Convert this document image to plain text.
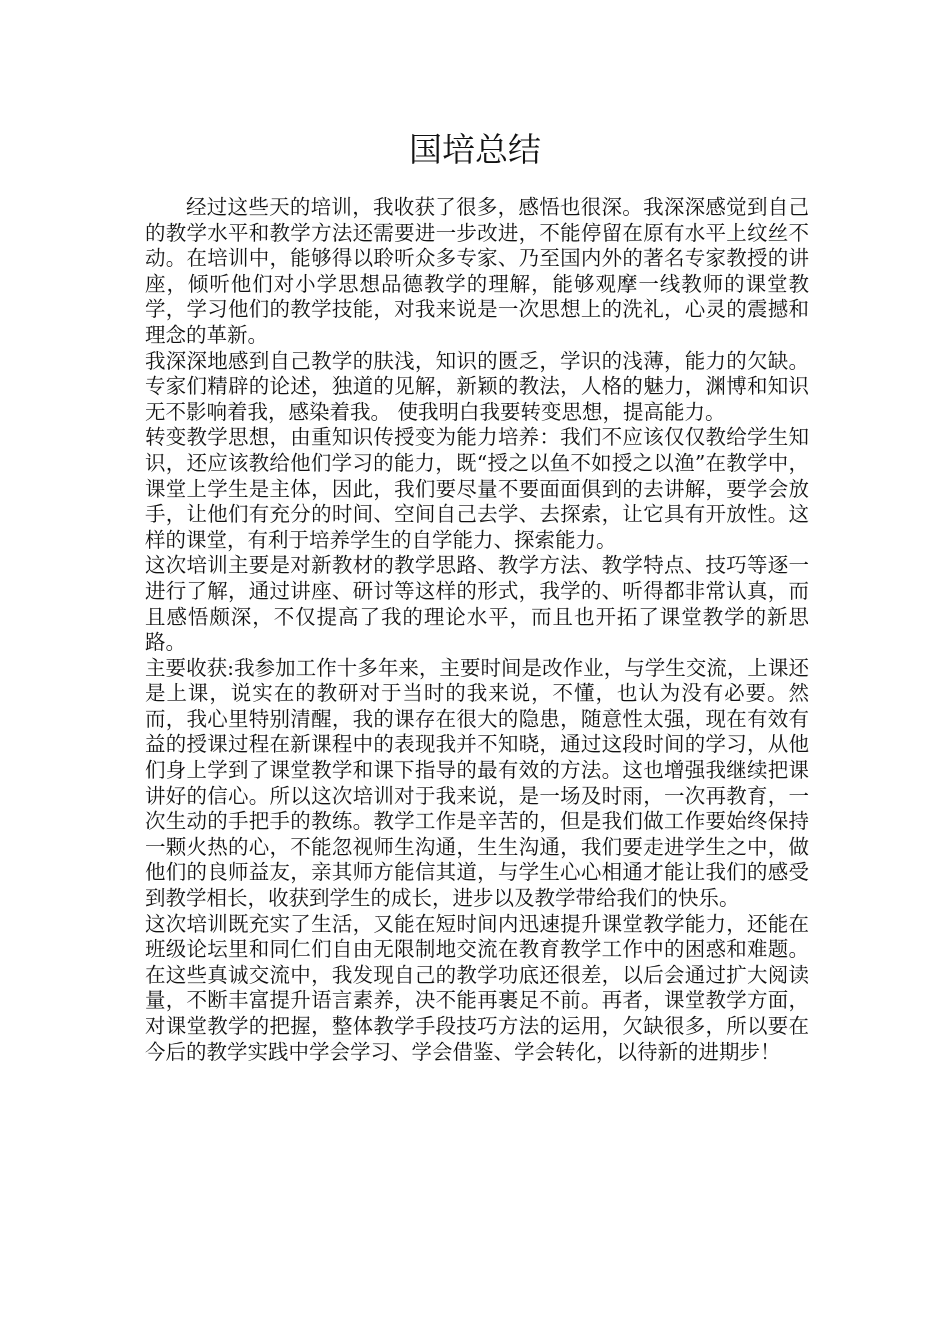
国培总结

经过这些天的培训，我收获了很多，感悟也很深。我深深感觉到自己的教学水平和教学方法还需要进一步改进，不能停留在原有水平上纹丝不动。在培训中，能够得以聆听众多专家、乃至国内外的著名专家教授的讲座，倾听他们对小学思想品德教学的理解，能够观摩一线教师的课堂教学，学习他们的教学技能，对我来说是一次思想上的洗礼，心灵的震撼和理念的革新。

我深深地感到自己教学的肤浅，知识的匮乏，学识的浅薄，能力的欠缺。专家们精辟的论述，独道的见解，新颖的教法，人格的魅力，渊博和知识无不影响着我，感染着我。 使我明白我要转变思想，提高能力。

转变教学思想，由重知识传授变为能力培养：我们不应该仅仅教给学生知识，还应该教给他们学习的能力，既“授之以鱼不如授之以渔”在教学中，课堂上学生是主体，因此，我们要尽量不要面面俱到的去讲解，要学会放手，让他们有充分的时间、空间自己去学、去探索，让它具有开放性。这样的课堂，有利于培养学生的自学能力、探索能力。

这次培训主要是对新教材的教学思路、教学方法、教学特点、技巧等逐一进行了解，通过讲座、研讨等这样的形式，我学的、听得都非常认真，而且感悟颇深，不仅提高了我的理论水平，而且也开拓了课堂教学的新思路。

主要收获:我参加工作十多年来，主要时间是改作业，与学生交流，上课还是上课，说实在的教研对于当时的我来说，不懂，也认为没有必要。然而，我心里特别清醒，我的课存在很大的隐患，随意性太强，现在有效有益的授课过程在新课程中的表现我并不知晓，通过这段时间的学习，从他们身上学到了课堂教学和课下指导的最有效的方法。这也增强我继续把课讲好的信心。所以这次培训对于我来说，是一场及时雨，一次再教育，一次生动的手把手的教练。教学工作是辛苦的，但是我们做工作要始终保持一颗火热的心，不能忽视师生沟通，生生沟通，我们要走进学生之中，做他们的良师益友，亲其师方能信其道，与学生心心相通才能让我们的感受到教学相长，收获到学生的成长，进步以及教学带给我们的快乐。

这次培训既充实了生活，又能在短时间内迅速提升课堂教学能力，还能在班级论坛里和同仁们自由无限制地交流在教育教学工作中的困惑和难题。在这些真诚交流中，我发现自己的教学功底还很差，以后会通过扩大阅读量，不断丰富提升语言素养，决不能再裹足不前。再者，课堂教学方面，对课堂教学的把握，整体教学手段技巧方法的运用，欠缺很多，所以要在今后的教学实践中学会学习、学会借鉴、学会转化，以待新的进期步！
